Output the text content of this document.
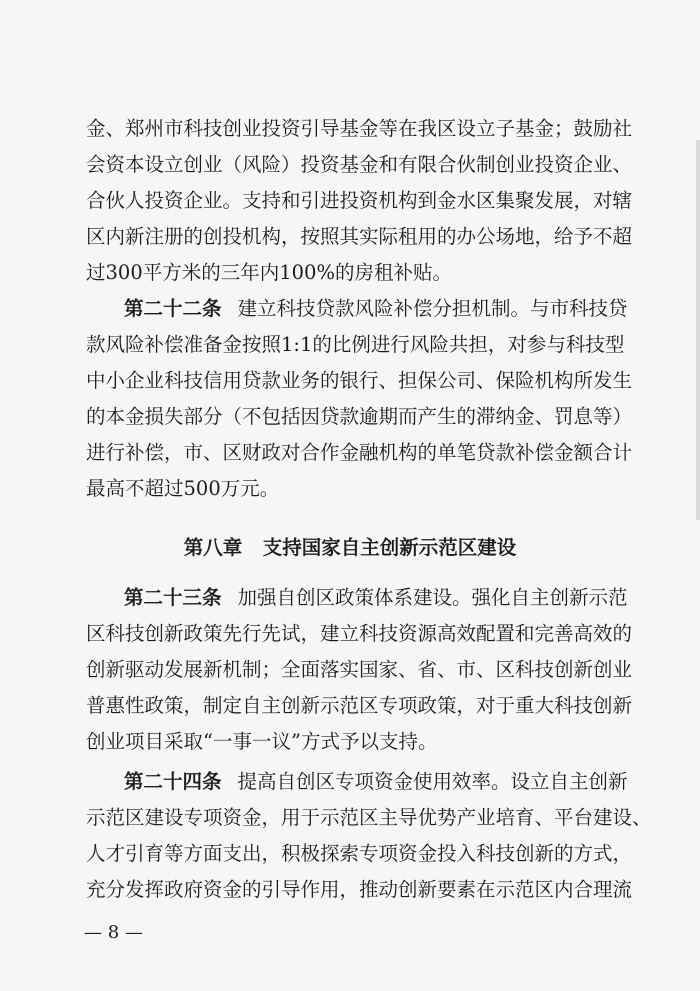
金、郑州市科技创业投资引导基金等在我区设立子基金；鼓励社
会资本设立创业（风险）投资基金和有限合伙制创业投资企业、
合伙人投资企业。支持和引进投资机构到金水区集聚发展，对辖
区内新注册的创投机构，按照其实际租用的办公场地，给予不超
过300平方米的三年内100%的房租补贴。
第二十二条 建立科技贷款风险补偿分担机制。与市科技贷
款风险补偿准备金按照1:1的比例进行风险共担，对参与科技型
中小企业科技信用贷款业务的银行、担保公司、保险机构所发生
的本金损失部分（不包括因贷款逾期而产生的滞纳金、罚息等）
进行补偿，市、区财政对合作金融机构的单笔贷款补偿金额合计
最高不超过500万元。
第八章 支持国家自主创新示范区建设
第二十三条 加强自创区政策体系建设。强化自主创新示范
区科技创新政策先行先试，建立科技资源高效配置和完善高效的
创新驱动发展新机制；全面落实国家、省、市、区科技创新创业
普惠性政策，制定自主创新示范区专项政策，对于重大科技创新
创业项目采取“一事一议”方式予以支持。
第二十四条 提高自创区专项资金使用效率。设立自主创新
示范区建设专项资金，用于示范区主导优势产业培育、平台建设、
人才引育等方面支出，积极探索专项资金投入科技创新的方式，
充分发挥政府资金的引导作用，推动创新要素在示范区内合理流
— 8 —
